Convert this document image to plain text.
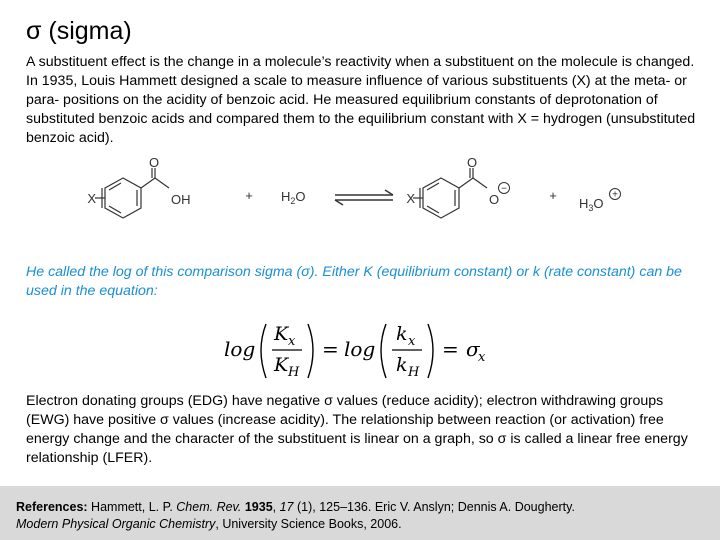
σ (sigma)
A substituent effect is the change in a molecule’s reactivity when a substituent on the molecule is changed. In 1935, Louis Hammett designed a scale to measure influence of various substituents (X) at the meta- or para- positions on the acidity of benzoic acid. He measured equilibrium constants of deprotonation of substituted benzoic acids and compared them to the equilibrium constant with X = hydrogen (unsubstituted benzoic acid).
X
O
OH	+ $H_2O$	X
O
O
−	+
$H_3O$
+
He called the log of this comparison sigma (σ). Either K (equilibrium constant) or k (rate constant) can be used in the equation:
log
K x
K H
= log
k x
k H
= σ
x
Electron donating groups (EDG) have negative σ values (reduce acidity); electron withdrawing groups (EWG) have positive σ values (increase acidity). The relationship between reaction (or activation) free energy change and the character of the substituent is linear on a graph, so σ is called a linear free energy relationship (LFER).
References: Hammett, L. P. Chem. Rev. 1935, 17 (1), 125–136. Eric V. Anslyn; Dennis A. Dougherty.
Modern Physical Organic Chemistry, University Science Books, 2006.
